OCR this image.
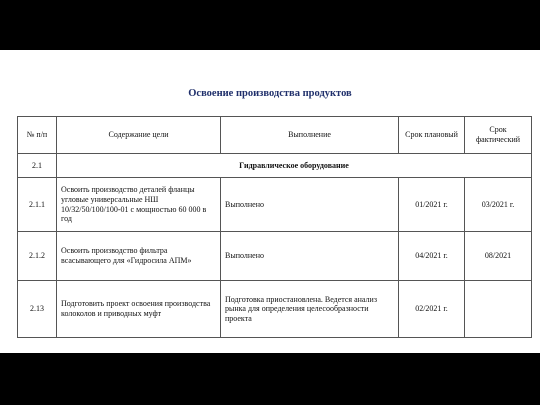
Освоение производства продуктов
№ п/п	Содержание цели	Выполнение	Срок плановый	Срок фактический
2.1	Гидравлическое оборудование			
2.1.1	Освоить производство деталей фланцы угловые универсальные НШ 10/32/50/100/100-01 с мощностью 60 000 в год	Выполнено	01/2021 г.	03/2021 г.
2.1.2	Освоить производство фильтра всасывающего для «Гидросила АПМ»	Выполнено	04/2021 г.	08/2021
2.13	Подготовить проект освоения производства колоколов и приводных муфт	Подготовка приостановлена. Ведется анализ рынка для определения целесообразности проекта	02/2021 г.	
